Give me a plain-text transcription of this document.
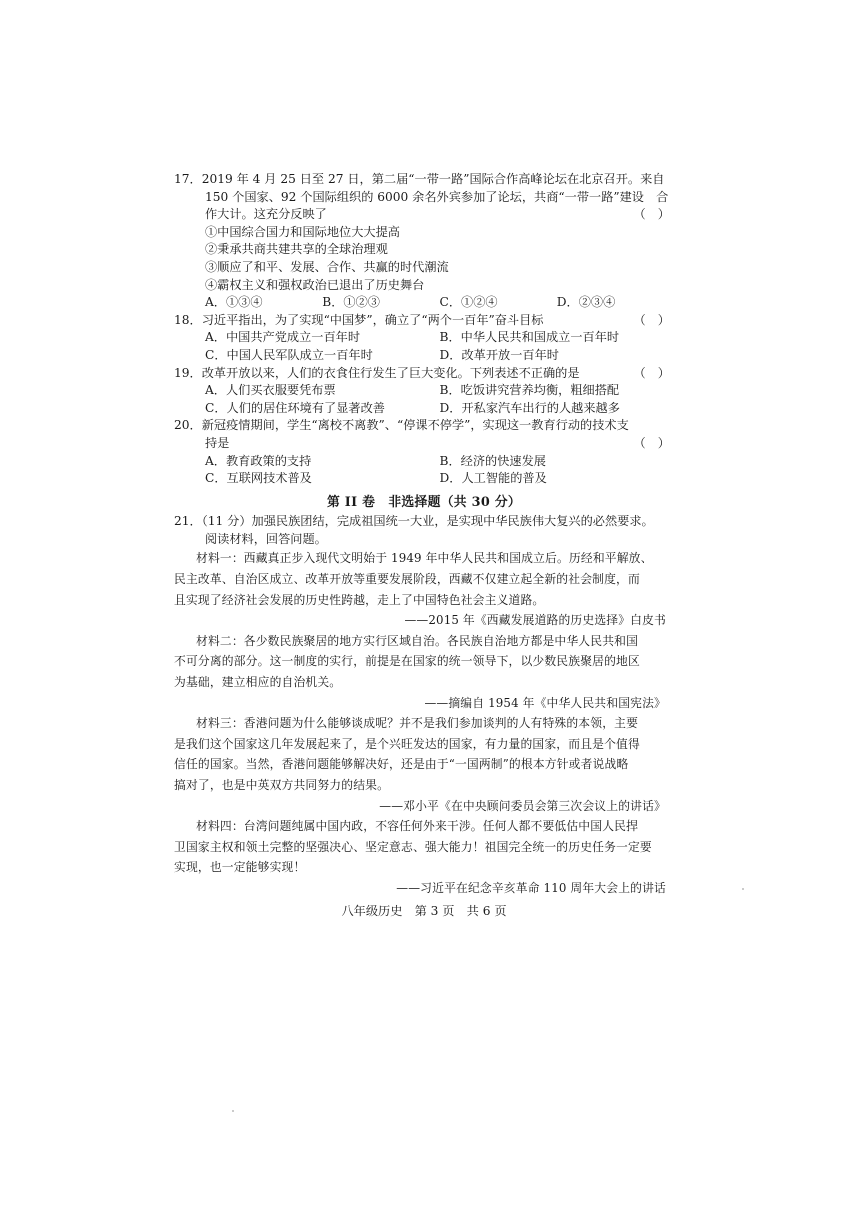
17．2019 年 4 月 25 日至 27 日，第二届“一带一路”国际合作高峰论坛在北京召开。来自
150 个国家、92 个国际组织的 6000 余名外宾参加了论坛，共商“一带一路”建设　合
作大计。这充分反映了	（　）
①中国综合国力和国际地位大大提高
②秉承共商共建共享的全球治理观
③顺应了和平、发展、合作、共赢的时代潮流
④霸权主义和强权政治已退出了历史舞台
A．①③④	B．①②③	C．①②④	D．②③④
18．习近平指出，为了实现“中国梦”，确立了“两个一百年”奋斗目标	（　）
A．中国共产党成立一百年时	B．中华人民共和国成立一百年时
C．中国人民军队成立一百年时	D．改革开放一百年时
19．改革开放以来，人们的衣食住行发生了巨大变化。下列表述不正确的是	（　）
A．人们买衣服要凭布票	B．吃饭讲究营养均衡，粗细搭配
C．人们的居住环境有了显著改善	D．开私家汽车出行的人越来越多
20．新冠疫情期间，学生“离校不离教”、“停课不停学”，实现这一教育行动的技术支
持是	（　）
A．教育政策的支持	B．经济的快速发展
C．互联网技术普及	D．人工智能的普及
第 II 卷　非选择题（共 30 分）
21．（11 分）加强民族团结，完成祖国统一大业，是实现中华民族伟大复兴的必然要求。
阅读材料，回答问题。
材料一：西藏真正步入现代文明始于 1949 年中华人民共和国成立后。历经和平解放、
民主改革、自治区成立、改革开放等重要发展阶段，西藏不仅建立起全新的社会制度，而
且实现了经济社会发展的历史性跨越，走上了中国特色社会主义道路。
——2015 年《西藏发展道路的历史选择》白皮书
材料二：各少数民族聚居的地方实行区域自治。各民族自治地方都是中华人民共和国
不可分离的部分。这一制度的实行，前提是在国家的统一领导下，以少数民族聚居的地区
为基础，建立相应的自治机关。
——摘编自 1954 年《中华人民共和国宪法》
材料三：香港问题为什么能够谈成呢？并不是我们参加谈判的人有特殊的本领，主要
是我们这个国家这几年发展起来了，是个兴旺发达的国家，有力量的国家，而且是个值得
信任的国家。当然，香港问题能够解决好，还是由于“一国两制”的根本方针或者说战略
搞对了，也是中英双方共同努力的结果。
——邓小平《在中央顾问委员会第三次会议上的讲话》
材料四：台湾问题纯属中国内政，不容任何外来干涉。任何人都不要低估中国人民捍
卫国家主权和领土完整的坚强决心、坚定意志、强大能力！祖国完全统一的历史任务一定要
实现，也一定能够实现！
——习近平在纪念辛亥革命 110 周年大会上的讲话
八年级历史　第 3 页　共 6 页
